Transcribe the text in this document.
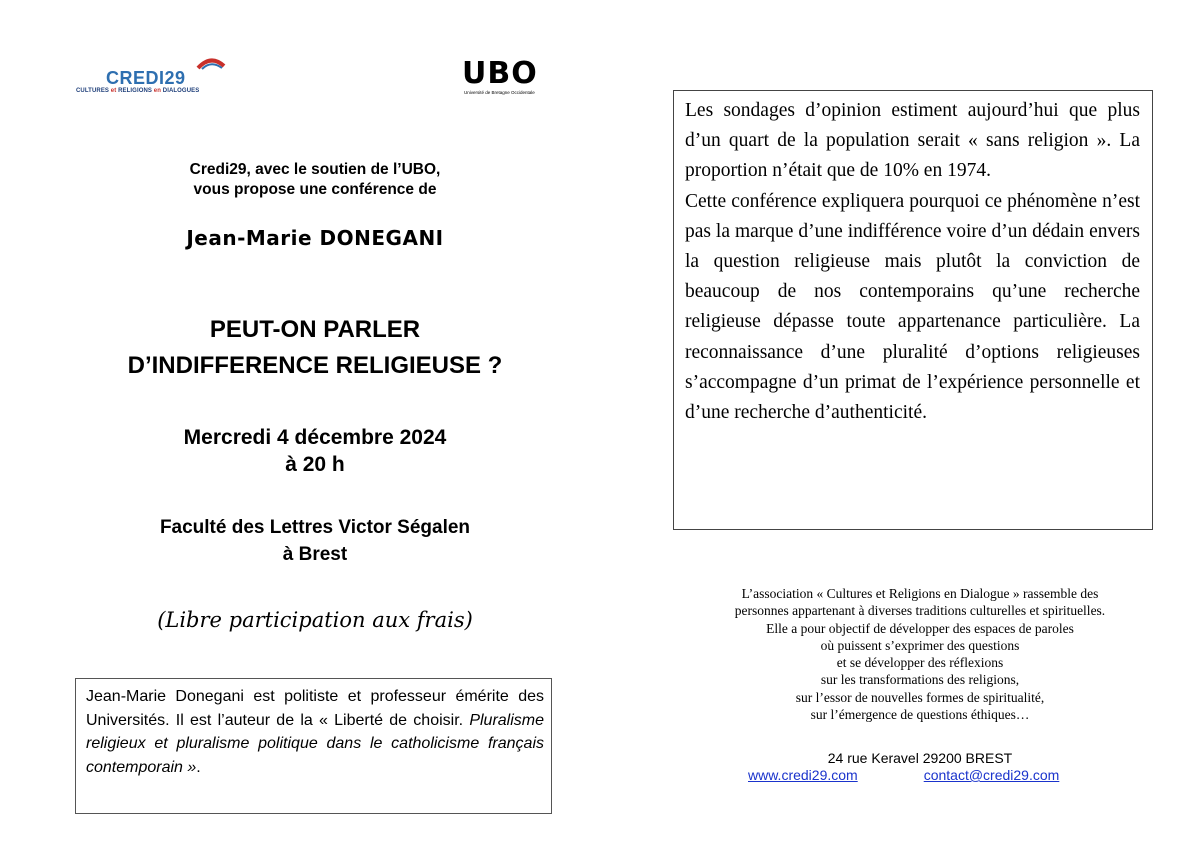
CREDI29
CULTURES et RELIGIONS en DIALOGUES	UBO
Université de Bretagne Occidentale
Credi29, avec le soutien de l’UBO,
vous propose une conférence de
Jean-Marie DONEGANI
PEUT-ON PARLER
D’INDIFFERENCE RELIGIEUSE ?
Mercredi 4 décembre 2024
à 20 h
Faculté des Lettres Victor Ségalen
à Brest
(Libre participation aux frais)
Jean-Marie Donegani est politiste et professeur émérite des Universités. Il est l’auteur de la « Liberté de choisir. Pluralisme religieux et pluralisme politique dans le catholicisme français contemporain ».

Les sondages d’opinion estiment aujourd’hui que plus d’un quart de la population serait « sans religion ». La proportion n’était que de 10% en 1974.

Cette conférence expliquera pourquoi ce phénomène n’est pas la marque d’une indifférence voire d’un dédain envers la question religieuse mais plutôt la conviction de beaucoup de nos contemporains qu’une recherche religieuse dépasse toute appartenance particulière. La reconnaissance d’une pluralité d’options religieuses s’accompagne d’un primat de l’expérience personnelle et d’une recherche d’authenticité.

L’association « Cultures et Religions en Dialogue » rassemble des
personnes appartenant à diverses traditions culturelles et spirituelles.
Elle a pour objectif de développer des espaces de paroles
où puissent s’exprimer des questions
et se développer des réflexions
sur les transformations des religions,
sur l’essor de nouvelles formes de spiritualité,
sur l’émergence de questions éthiques…
24 rue Keravel 29200 BREST
www.credi29.com	contact@credi29.com
